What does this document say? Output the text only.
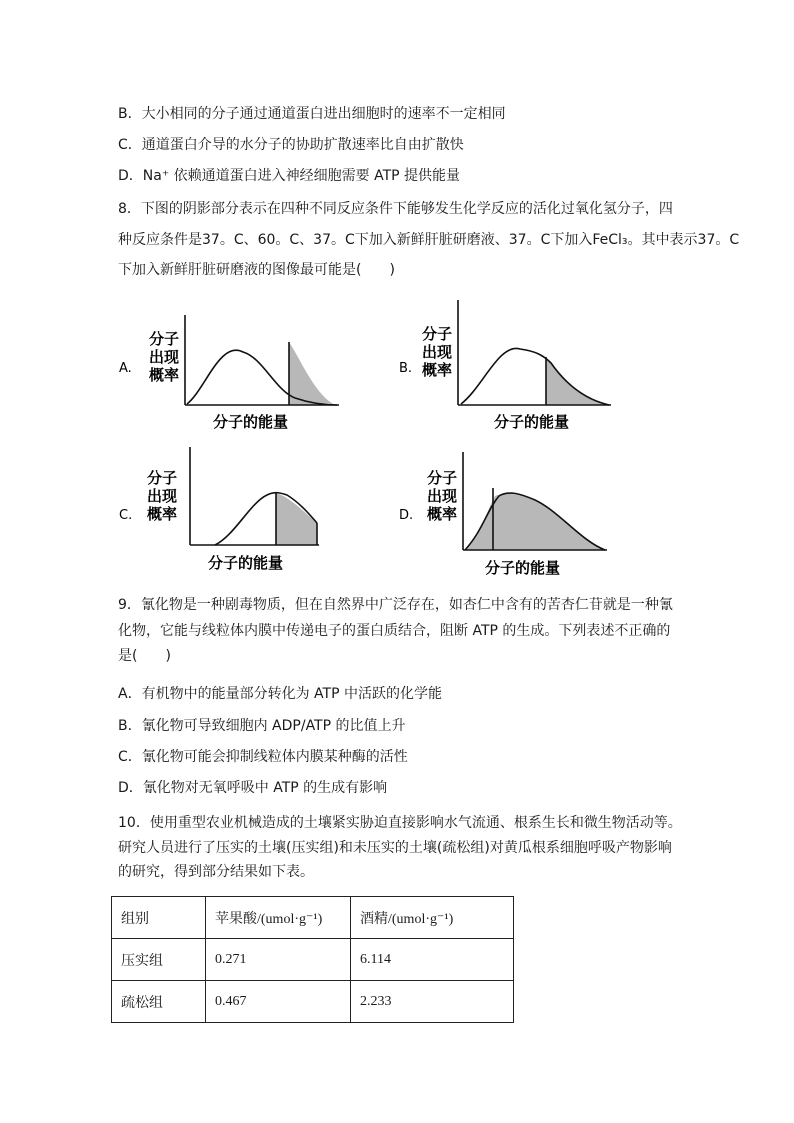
B．大小相同的分子通过通道蛋白进出细胞时的速率不一定相同
C．通道蛋白介导的水分子的协助扩散速率比自由扩散快
D．Na⁺ 依赖通道蛋白进入神经细胞需要 ATP 提供能量
8．下图的阴影部分表示在四种不同反应条件下能够发生化学反应的活化过氧化氢分子，四
种反应条件是37。C、60。C、37。C下加入新鲜肝脏研磨液、37。C下加入FeCl₃。其中表示37。C
下加入新鲜肝脏研磨液的图像最可能是(　　)
A.
分子
出现
概率
分子的能量
B.
分子
出现
概率
分子的能量
C.
分子
出现
概率
分子的能量
D.
分子
出现
概率
分子的能量
9．氰化物是一种剧毒物质，但在自然界中广泛存在，如杏仁中含有的苦杏仁苷就是一种氰
化物，它能与线粒体内膜中传递电子的蛋白质结合，阻断 ATP 的生成。下列表述不正确的
是(　　)
A．有机物中的能量部分转化为 ATP 中活跃的化学能
B．氰化物可导致细胞内 ADP/ATP 的比值上升
C．氰化物可能会抑制线粒体内膜某种酶的活性
D．氰化物对无氧呼吸中 ATP 的生成有影响
10．使用重型农业机械造成的土壤紧实胁迫直接影响水气流通、根系生长和微生物活动等。
研究人员进行了压实的土壤(压实组)和未压实的土壤(疏松组)对黄瓜根系细胞呼吸产物影响
的研究，得到部分结果如下表。
组别	苹果酸/(umol·g⁻¹)	酒精/(umol·g⁻¹)
压实组	0.271	6.114
疏松组	0.467	2.233
